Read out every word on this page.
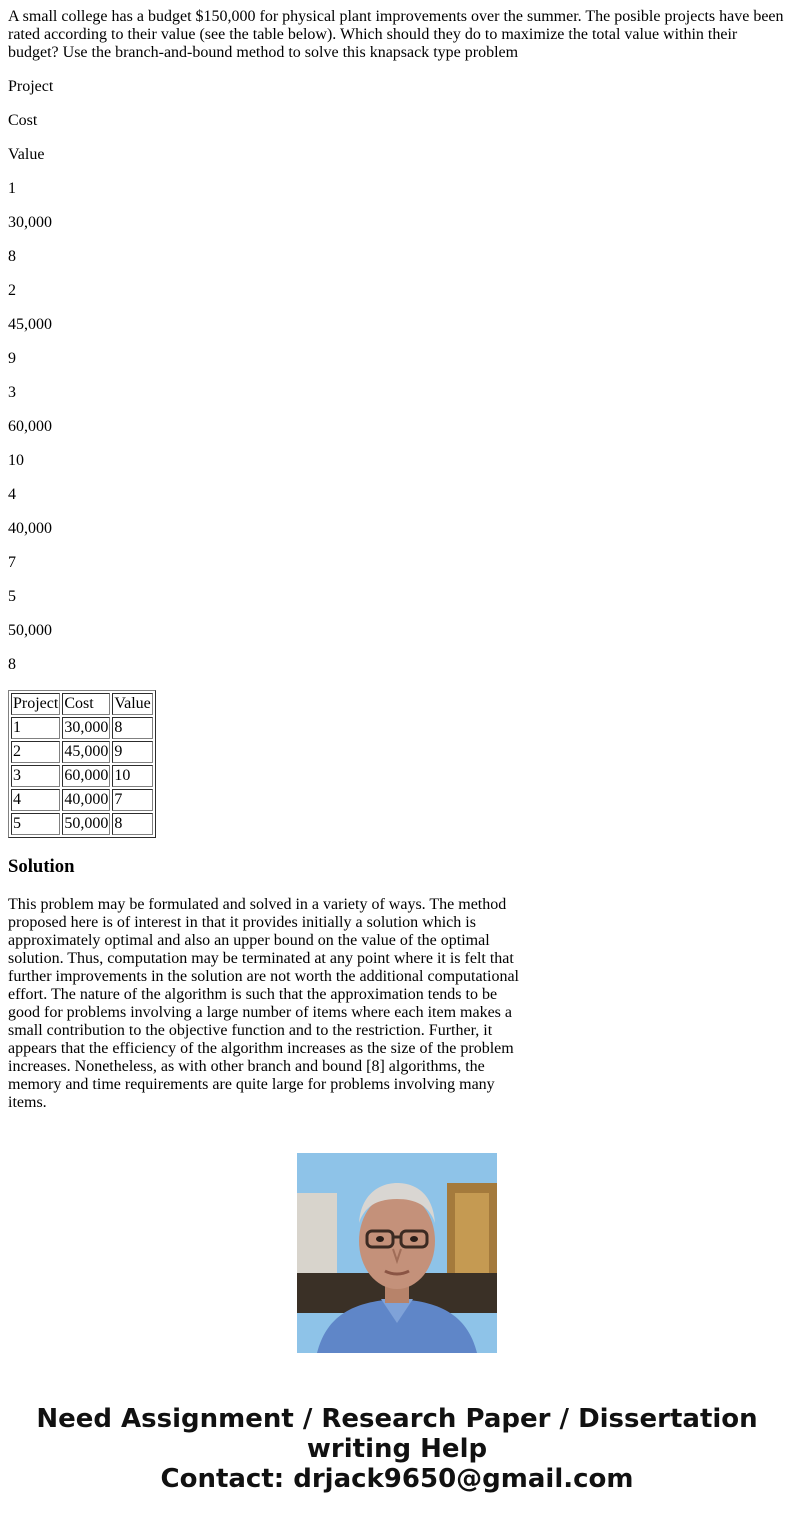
A small college has a budget $150,000 for physical plant improvements over the summer. The posible projects have been rated according to their value (see the table below). Which should they do to maximize the total value within their budget? Use the branch-and-bound method to solve this knapsack type problem

Project

Cost

Value

1

30,000

8

2

45,000

9

3

60,000

10

4

40,000

7

5

50,000

8

Project	Cost	Value
1	30,000	8
2	45,000	9
3	60,000	10
4	40,000	7
5	50,000	8
Solution

This problem may be formulated and solved in a variety of ways. The method proposed here is of interest in that it provides initially a solution which is approximately optimal and also an upper bound on the value of the optimal solution. Thus, computation may be terminated at any point where it is felt that further improvements in the solution are not worth the additional computational effort. The nature of the algorithm is such that the approximation tends to be good for problems involving a large number of items where each item makes a small contribution to the objective function and to the restriction. Further, it appears that the efficiency of the algorithm increases as the size of the problem increases. Nonetheless, as with other branch and bound [8] algorithms, the memory and time requirements are quite large for problems involving many items.

Need Assignment / Research Paper / Dissertation
writing Help
Contact: drjack9650@gmail.com
